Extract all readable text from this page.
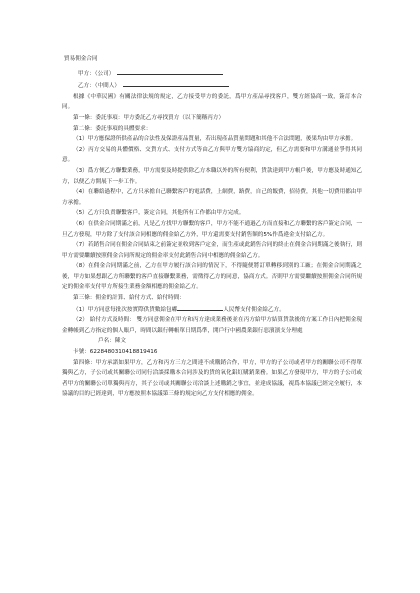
貿易佣金合同
甲方：（公司）
乙方：（中間人）
根據《中華民國》有關法律法規的規定，乙方接受甲方的委託，爲甲方產品尋找客戶，雙方經協商一致，簽訂本合同。
第一條：委託事項：甲方委託乙方尋找買方（以下簡稱丙方）
第二條：委託事項的具體要求：
（1）甲方應保證所供產品的合法性及保證產品質量，若出現產品質量問題和其他不合法問題，後果均由甲方承擔。
（2）丙方交易的具體價格、交貨方式、支付方式等由乙方與甲方雙方協商約定，但乙方需要和甲方溝通並爭得其同意。
（3）爲方便乙方聯繫業務，甲方需要及時提供除乙方本職以外的所有便利，貨款達到甲方帳戶後，甲方應及時通知乙方，以便乙方開展下一步工作。
（4）在聯絡過程中，乙方只承擔自己聯繫客戶的電話費，上網費，路費，自己的飯費，招待費，其他一切費用都由甲方承擔。
（5）乙方只負責聯繫客戶，簽定合同，其他所有工作都由甲方完成。
（6）在供金合同期滿之前，凡是乙方找甲方聯繫的客戶，甲方不能不通過乙方而直接和乙方聯繫的客戶簽定合同，一旦乙方發現，甲方除了支付該合同相應的佣金給乙方外，甲方還需要支付銷售額的5%作爲違金支付給乙方。
（7）若銷售合同在佣金合同結束之前簽定並收到客戶定金，而生產或此銷售合同的終止在佣金合同期滿之後執行，則甲方需要繼續按照佣金合同所規定的佣金率支付此銷售合同中相應的佣金給乙方。
（8）在佣金合同期滿之前，乙方在甲方履行該合同的情況下，不得隨便將訂單轉移到別的工廠；在佣金合同期滿之後，甲方如果想跟乙方所聯繫的客戶直接聯繫業務，需徵得乙方的同意，協商方式。否則甲方需要繼續按照佣金合同所規定的佣金率支付甲方所接生業務金額相應的佣金給乙方。
第三條：佣金的計算、給付方式、給付時間：
（1）甲方同意每批次按實際供貨數給包嘟	人民幣支付佣金給乙方。
（2） 給付方式及時間： 雙方同意佣金在甲方和丙方達成業務後並在丙方給甲方結算貨款後的方案工作日內把佣金現金轉帳到乙方指定的個人賬戶，時間以銀行轉帳單日期爲準，開戶行中國農業銀行惡濱濱支分理處
戶名：陳文
卡號：6228480310418819416
第四條：甲方承諾如果甲方，乙方和丙方三方之間達不成購銷合作，甲方，甲方的子公司或者甲方的關聯公司不得單獨與乙方，子公司或其關聯公司同行洽談採購本合同涉及的貨的氧化鋁紅購銷業務。如果乙方發現甲方，甲方的子公司或者甲方的關聯公司單獨與丙方，其子公司或其關聯公司洽談上述購銷之事宜，並達成協議，視爲本協議已經完全履行，本協議的目的已經達到，甲方應按照本協議第三條的規定向乙方支付相應的佣金。
